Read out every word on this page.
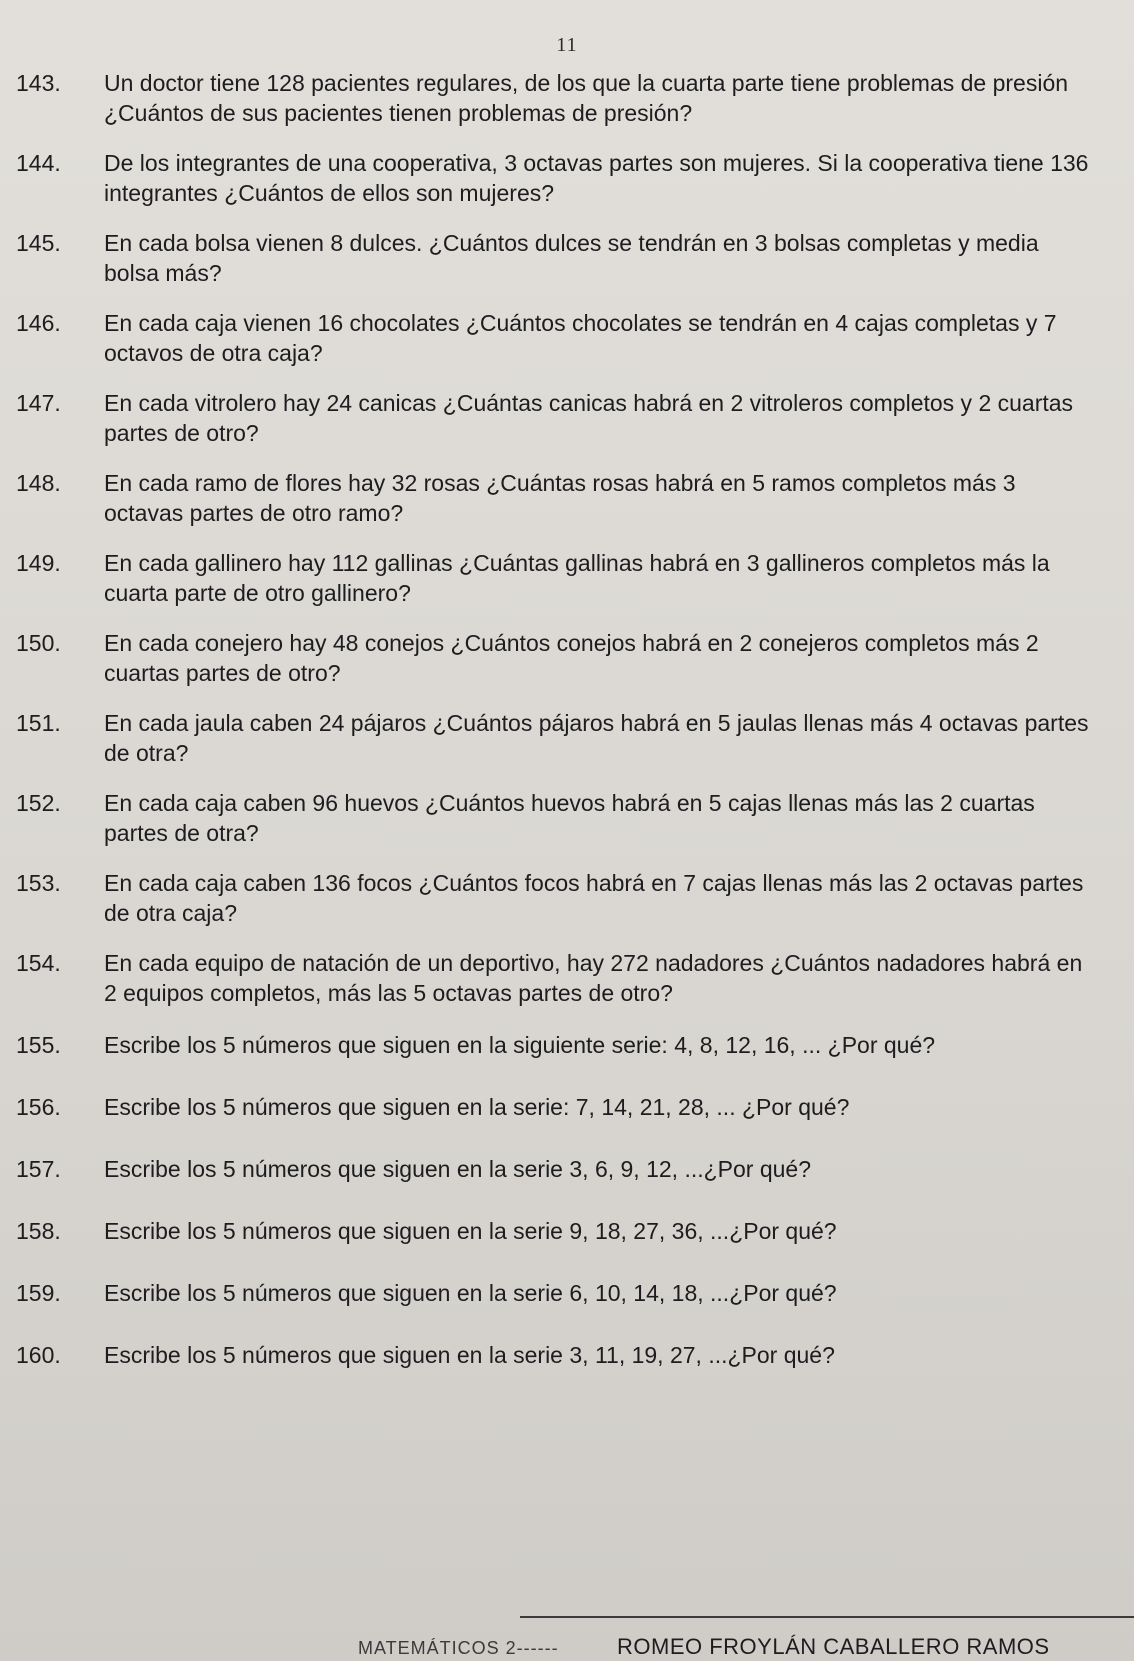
11
143.	Un doctor tiene 128 pacientes regulares, de los que la cuarta parte tiene problemas de presión ¿Cuántos de sus pacientes tienen problemas de presión?
144.	De los integrantes de una cooperativa, 3 octavas partes son mujeres. Si la cooperativa tiene 136 integrantes ¿Cuántos de ellos son mujeres?
145.	En cada bolsa vienen 8 dulces. ¿Cuántos dulces se tendrán en 3 bolsas completas y media bolsa más?
146.	En cada caja vienen 16 chocolates ¿Cuántos chocolates se tendrán en 4 cajas completas y 7 octavos de otra caja?
147.	En cada vitrolero hay 24 canicas ¿Cuántas canicas habrá en 2 vitroleros completos y 2 cuartas partes de otro?
148.	En cada ramo de flores hay 32 rosas ¿Cuántas rosas habrá en 5 ramos completos más 3 octavas partes de otro ramo?
149.	En cada gallinero hay 112 gallinas ¿Cuántas gallinas habrá en 3 gallineros completos más la cuarta parte de otro gallinero?
150.	En cada conejero hay 48 conejos ¿Cuántos conejos habrá en 2 conejeros completos más 2 cuartas partes de otro?
151.	En cada jaula caben 24 pájaros ¿Cuántos pájaros habrá en 5 jaulas llenas más 4 octavas partes de otra?
152.	En cada caja caben 96 huevos ¿Cuántos huevos habrá en 5 cajas llenas más las 2 cuartas partes de otra?
153.	En cada caja caben 136 focos ¿Cuántos focos habrá en 7 cajas llenas más las 2 octavas partes de otra caja?
154.	En cada equipo de natación de un deportivo, hay 272 nadadores ¿Cuántos nadadores habrá en 2 equipos completos, más las 5 octavas partes de otro?
155.	Escribe los 5 números que siguen en la siguiente serie: 4, 8, 12, 16, ... ¿Por qué?
156.	Escribe los 5 números que siguen en la serie: 7, 14, 21, 28, ... ¿Por qué?
157.	Escribe los 5 números que siguen en la serie 3, 6, 9, 12, ...¿Por qué?
158.	Escribe los 5 números que siguen en la serie 9, 18, 27, 36, ...¿Por qué?
159.	Escribe los 5 números que siguen en la serie 6, 10, 14, 18, ...¿Por qué?
160.	Escribe los 5 números que siguen en la serie 3, 11, 19, 27, ...¿Por qué?
MATEMÁTICOS 2------	ROMEO FROYLÁN CABALLERO RAMOS
